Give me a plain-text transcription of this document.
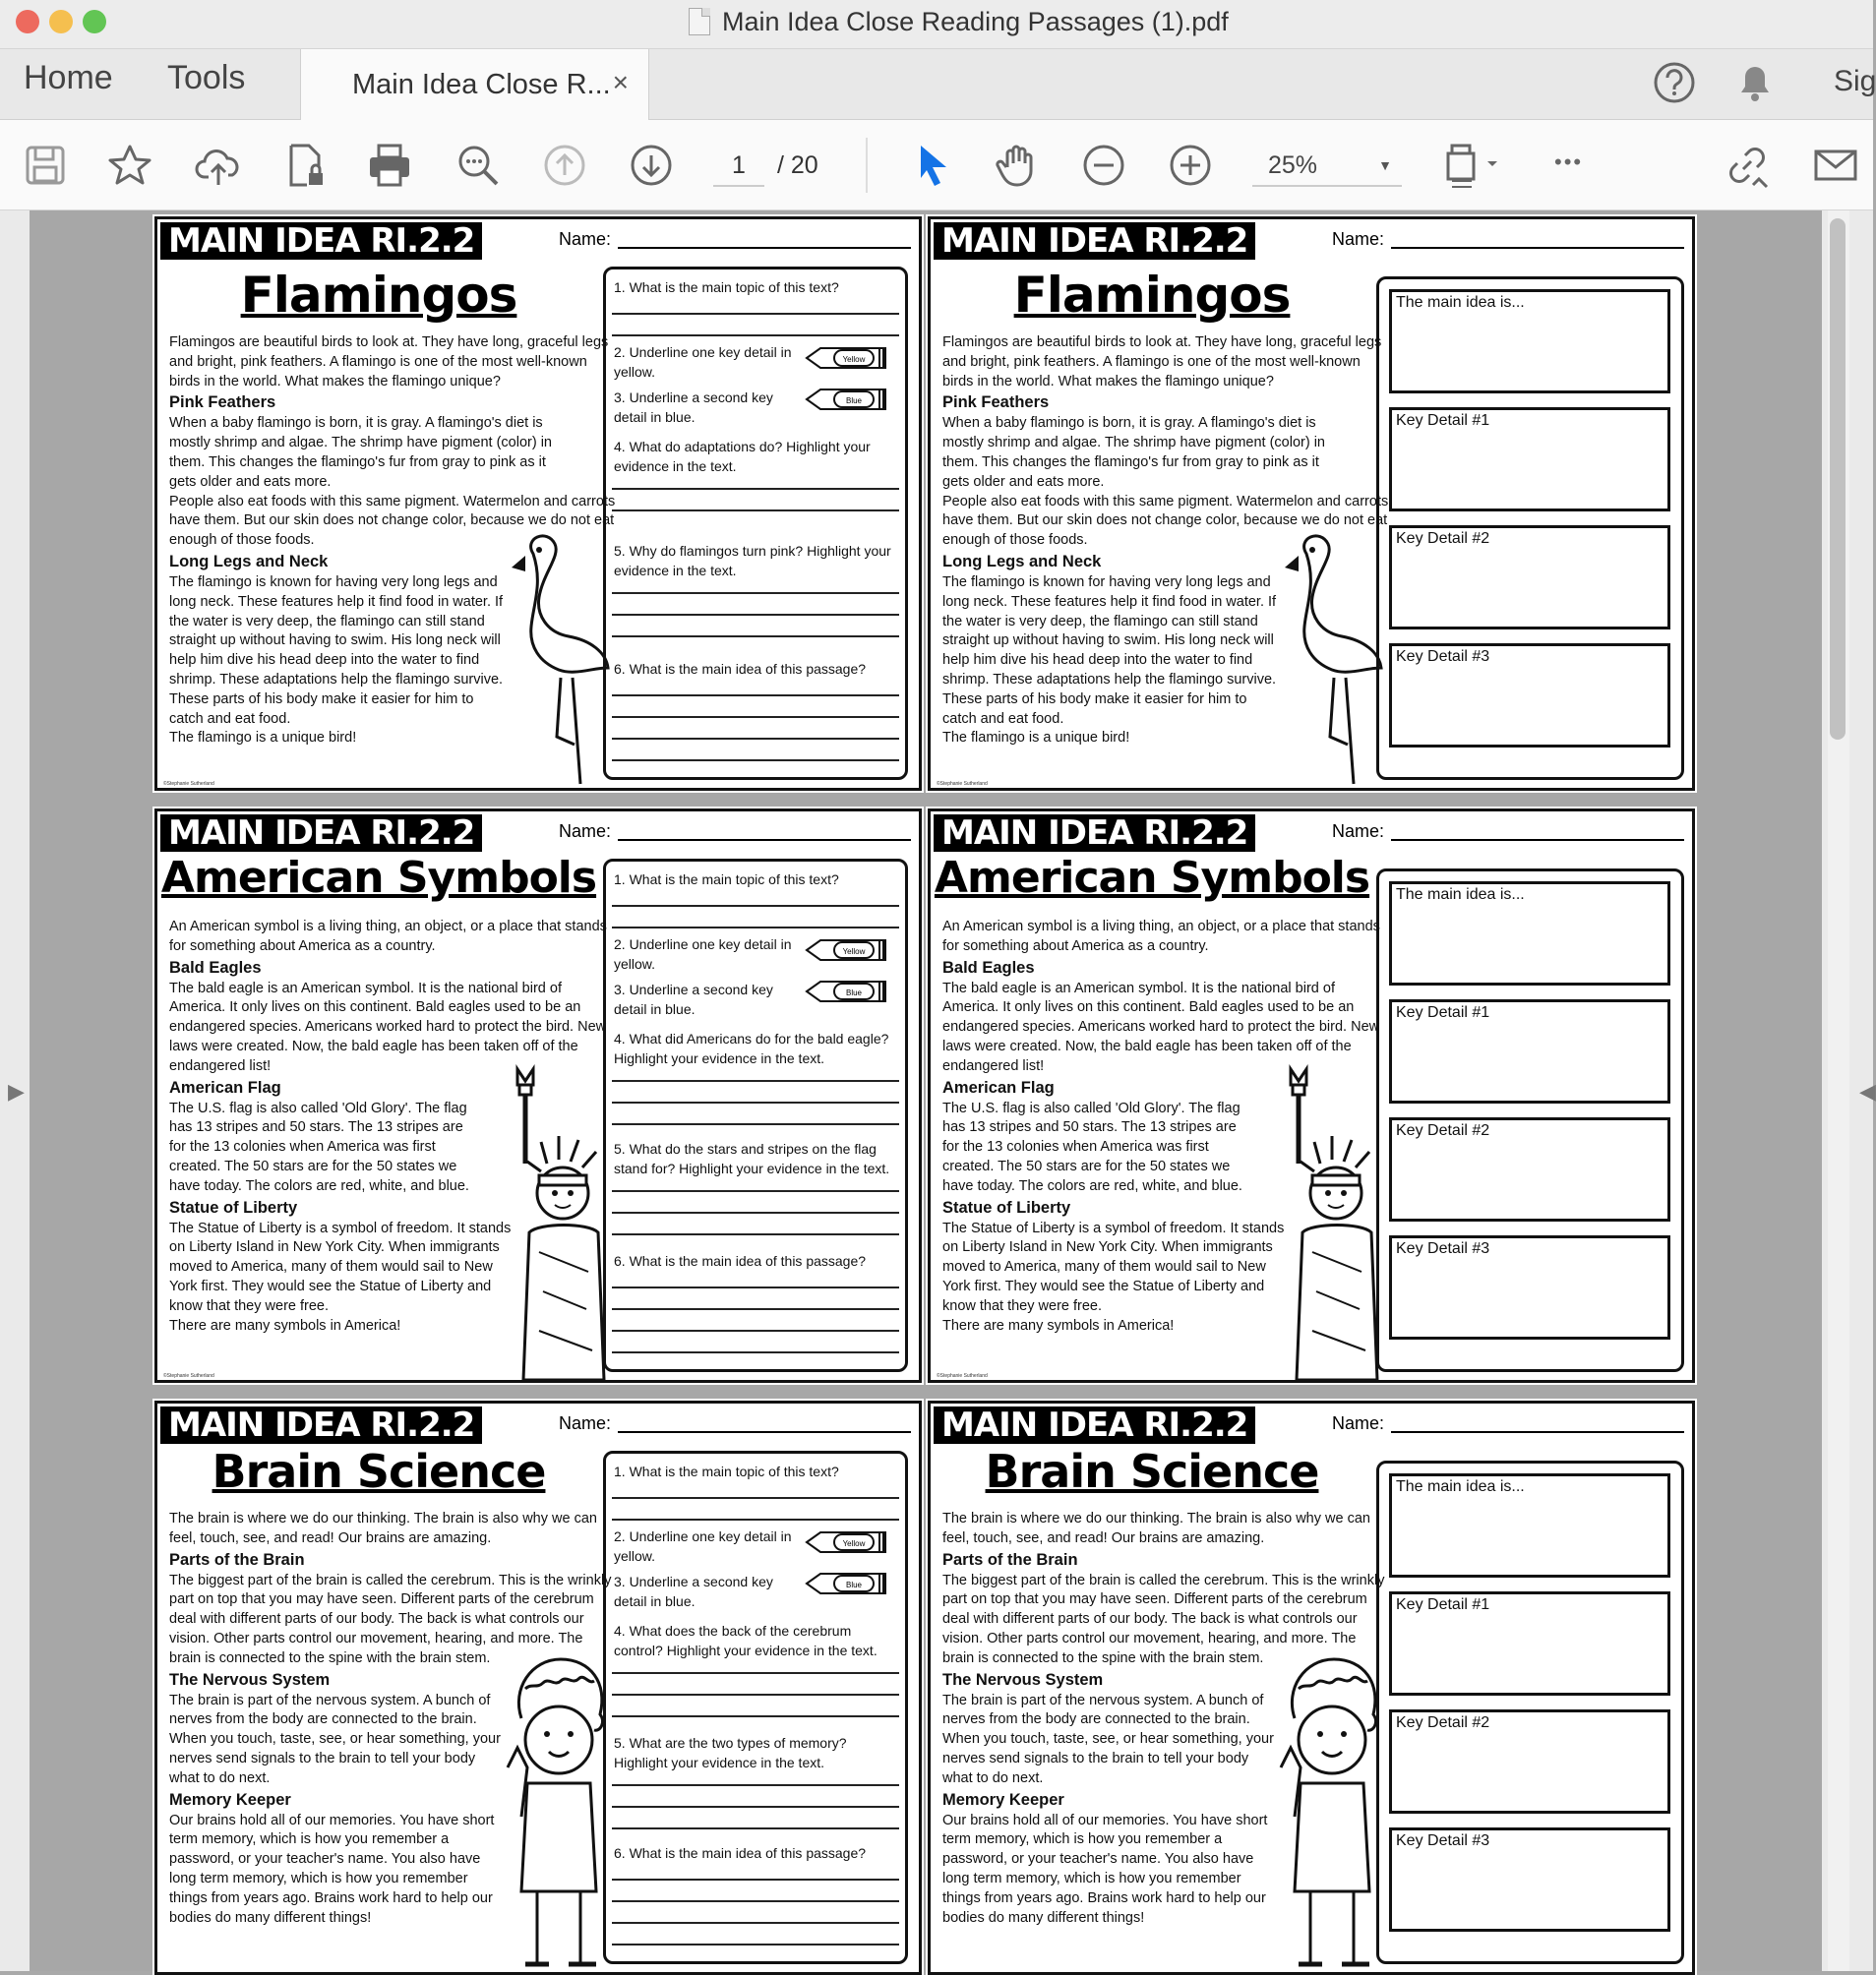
Main Idea Close Reading Passages (1).pdf
Home Tools	Main Idea Close R... ×	Sig
1	/ 20	25%	▼	•••
▶	◀
MAIN IDEA RI.2.2	Name:
Flamingos

Flamingos are beautiful birds to look at. They have long, graceful legs and bright, pink feathers. A flamingo is one of the most well-known birds in the world. What makes the flamingo unique?

Pink Feathers

When a baby flamingo is born, it is gray. A flamingo's diet is mostly shrimp and algae. The shrimp have pigment (color) in them. This changes the flamingo's fur from gray to pink as it gets older and eats more.

People also eat foods with this same pigment. Watermelon and carrots have them. But our skin does not change color, because we do not eat enough of those foods.

Long Legs and Neck

The flamingo is known for having very long legs and long neck. These features help it find food in water. If the water is very deep, the flamingo can still stand straight up without having to swim. His long neck will help him dive his head deep into the water to find shrimp. These adaptations help the flamingo survive. These parts of his body make it easier for him to catch and eat food.

The flamingo is a unique bird!

1. What is the main topic of this text?
2. Underline one key detail in yellow.
Yellow
3. Underline a second key detail in blue.
Blue
4. What do adaptations do? Highlight your evidence in the text.
5. Why do flamingos turn pink? Highlight your evidence in the text.
6. What is the main idea of this passage?
©Stephanie Sutherland
MAIN IDEA RI.2.2	Name:
Flamingos

Flamingos are beautiful birds to look at. They have long, graceful legs and bright, pink feathers. A flamingo is one of the most well-known birds in the world. What makes the flamingo unique?

Pink Feathers

When a baby flamingo is born, it is gray. A flamingo's diet is mostly shrimp and algae. The shrimp have pigment (color) in them. This changes the flamingo's fur from gray to pink as it gets older and eats more.

People also eat foods with this same pigment. Watermelon and carrots have them. But our skin does not change color, because we do not eat enough of those foods.

Long Legs and Neck

The flamingo is known for having very long legs and long neck. These features help it find food in water. If the water is very deep, the flamingo can still stand straight up without having to swim. His long neck will help him dive his head deep into the water to find shrimp. These adaptations help the flamingo survive. These parts of his body make it easier for him to catch and eat food.

The flamingo is a unique bird!

The main idea is...
Key Detail #1
Key Detail #2
Key Detail #3
©Stephanie Sutherland
MAIN IDEA RI.2.2	Name:
American Symbols

An American symbol is a living thing, an object, or a place that stands for something about America as a country.

Bald Eagles

The bald eagle is an American symbol. It is the national bird of America. It only lives on this continent. Bald eagles used to be an endangered species. Americans worked hard to protect the bird. New laws were created. Now, the bald eagle has been taken off of the endangered list!

American Flag

The U.S. flag is also called 'Old Glory'. The flag has 13 stripes and 50 stars. The 13 stripes are for the 13 colonies when America was first created. The 50 stars are for the 50 states we have today. The colors are red, white, and blue.

Statue of Liberty

The Statue of Liberty is a symbol of freedom. It stands on Liberty Island in New York City. When immigrants moved to America, many of them would sail to New York first. They would see the Statue of Liberty and know that they were free.

There are many symbols in America!

1. What is the main topic of this text?
2. Underline one key detail in yellow.
Yellow
3. Underline a second key detail in blue.
Blue
4. What did Americans do for the bald eagle? Highlight your evidence in the text.
5. What do the stars and stripes on the flag stand for? Highlight your evidence in the text.
6. What is the main idea of this passage?
©Stephanie Sutherland
MAIN IDEA RI.2.2	Name:
American Symbols

An American symbol is a living thing, an object, or a place that stands for something about America as a country.

Bald Eagles

The bald eagle is an American symbol. It is the national bird of America. It only lives on this continent. Bald eagles used to be an endangered species. Americans worked hard to protect the bird. New laws were created. Now, the bald eagle has been taken off of the endangered list!

American Flag

The U.S. flag is also called 'Old Glory'. The flag has 13 stripes and 50 stars. The 13 stripes are for the 13 colonies when America was first created. The 50 stars are for the 50 states we have today. The colors are red, white, and blue.

Statue of Liberty

The Statue of Liberty is a symbol of freedom. It stands on Liberty Island in New York City. When immigrants moved to America, many of them would sail to New York first. They would see the Statue of Liberty and know that they were free.

There are many symbols in America!

The main idea is...
Key Detail #1
Key Detail #2
Key Detail #3
©Stephanie Sutherland
MAIN IDEA RI.2.2	Name:
Brain Science

The brain is where we do our thinking. The brain is also why we can feel, touch, see, and read! Our brains are amazing.

Parts of the Brain

The biggest part of the brain is called the cerebrum. This is the wrinkly part on top that you may have seen. Different parts of the cerebrum deal with different parts of our body. The back is what controls our vision. Other parts control our movement, hearing, and more. The brain is connected to the spine with the brain stem.

The Nervous System

The brain is part of the nervous system. A bunch of nerves from the body are connected to the brain. When you touch, taste, see, or hear something, your nerves send signals to the brain to tell your body what to do next.

Memory Keeper

Our brains hold all of our memories. You have short term memory, which is how you remember a password, or your teacher's name. You also have long term memory, which is how you remember things from years ago. Brains work hard to help our bodies do many different things!

1. What is the main topic of this text?
2. Underline one key detail in yellow.
Yellow
3. Underline a second key detail in blue.
Blue
4. What does the back of the cerebrum control? Highlight your evidence in the text.
5. What are the two types of memory? Highlight your evidence in the text.
6. What is the main idea of this passage?
MAIN IDEA RI.2.2	Name:
Brain Science

The brain is where we do our thinking. The brain is also why we can feel, touch, see, and read! Our brains are amazing.

Parts of the Brain

The biggest part of the brain is called the cerebrum. This is the wrinkly part on top that you may have seen. Different parts of the cerebrum deal with different parts of our body. The back is what controls our vision. Other parts control our movement, hearing, and more. The brain is connected to the spine with the brain stem.

The Nervous System

The brain is part of the nervous system. A bunch of nerves from the body are connected to the brain. When you touch, taste, see, or hear something, your nerves send signals to the brain to tell your body what to do next.

Memory Keeper

Our brains hold all of our memories. You have short term memory, which is how you remember a password, or your teacher's name. You also have long term memory, which is how you remember things from years ago. Brains work hard to help our bodies do many different things!

The main idea is...
Key Detail #1
Key Detail #2
Key Detail #3
